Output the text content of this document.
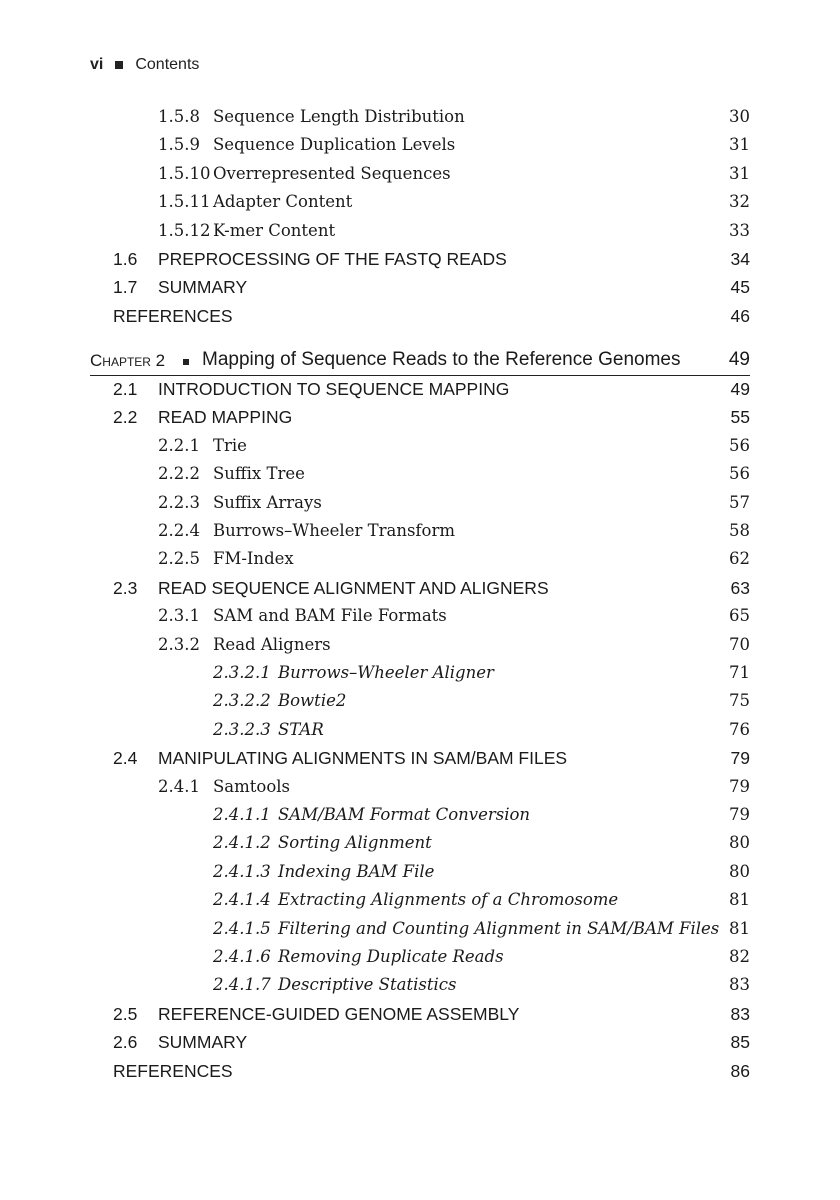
vi Contents
1.5.8 Sequence Length Distribution	30
1.5.9 Sequence Duplication Levels	31
1.5.10 Overrepresented Sequences	31
1.5.11 Adapter Content	32
1.5.12 K-mer Content	33
1.6 PREPROCESSING OF THE FASTQ READS	34
1.7 SUMMARY	45
REFERENCES	46
Chapter 2 Mapping of Sequence Reads to the Reference Genomes	49
2.1 INTRODUCTION TO SEQUENCE MAPPING	49
2.2 READ MAPPING	55
2.2.1 Trie	56
2.2.2 Suffix Tree	56
2.2.3 Suffix Arrays	57
2.2.4 Burrows–Wheeler Transform	58
2.2.5 FM-Index	62
2.3 READ SEQUENCE ALIGNMENT AND ALIGNERS	63
2.3.1 SAM and BAM File Formats	65
2.3.2 Read Aligners	70
2.3.2.1 Burrows–Wheeler Aligner	71
2.3.2.2 Bowtie2	75
2.3.2.3 STAR	76
2.4 MANIPULATING ALIGNMENTS IN SAM/BAM FILES	79
2.4.1 Samtools	79
2.4.1.1 SAM/BAM Format Conversion	79
2.4.1.2 Sorting Alignment	80
2.4.1.3 Indexing BAM File	80
2.4.1.4 Extracting Alignments of a Chromosome	81
2.4.1.5 Filtering and Counting Alignment in SAM/BAM Files 81
2.4.1.6 Removing Duplicate Reads	82
2.4.1.7 Descriptive Statistics	83
2.5 REFERENCE-GUIDED GENOME ASSEMBLY	83
2.6 SUMMARY	85
REFERENCES	86
